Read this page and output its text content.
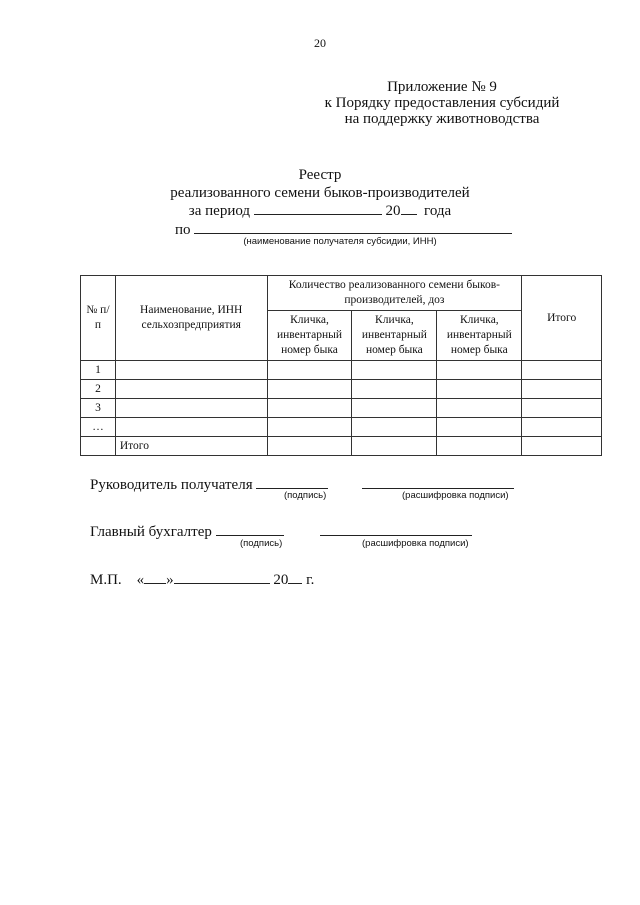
20
Приложение № 9
к Порядку предоставления субсидий
на поддержку животноводства
Реестр
реализованного семени быков-производителей
за период	20 года
по
(наименование получателя субсидии, ИНН)
№ п/п	Наименование, ИНН сельхозпредприятия	Количество реализованного семени быков-производителей, доз			Итого
		Кличка, инвентарный номер быка	Кличка, инвентарный номер быка	Кличка, инвентарный номер быка	
1					
2					
3					
…					
	Итого				
Руководитель получателя
(подпись)	(расшифровка подписи)
Главный бухгалтер
(подпись)	(расшифровка подписи)
М.П. « »	20 г.
